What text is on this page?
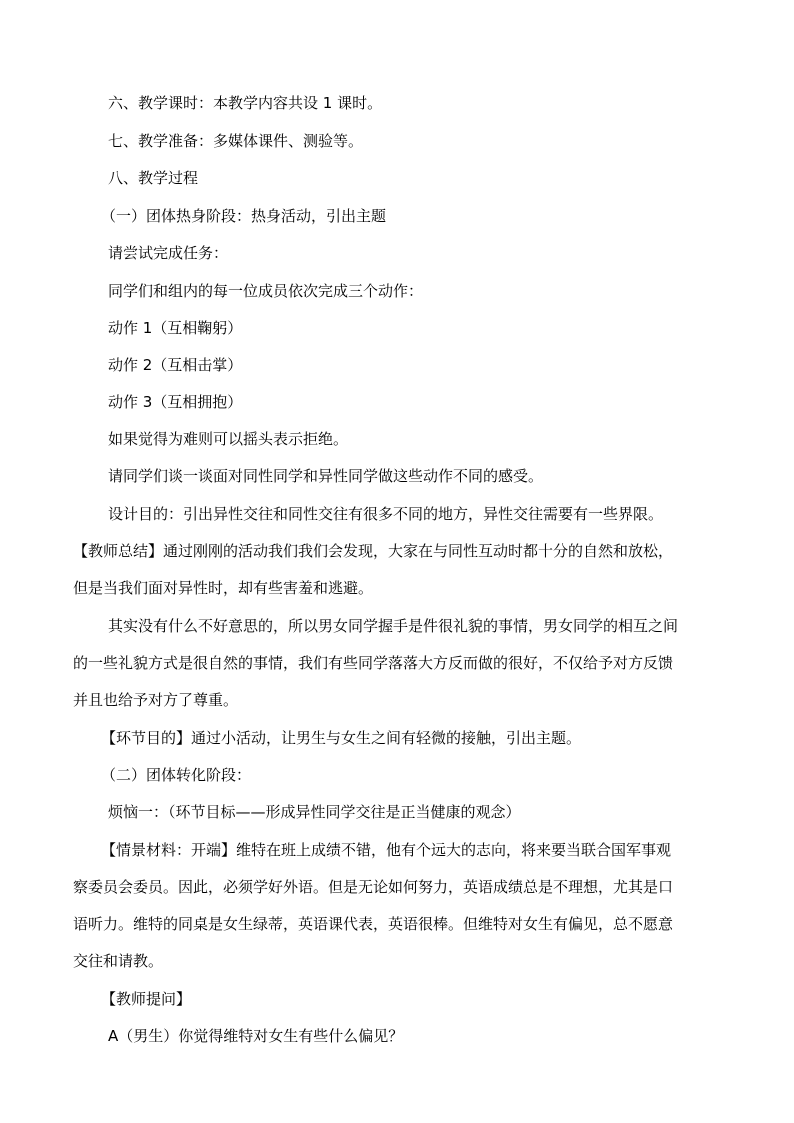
六、教学课时：本教学内容共设 1 课时。

七、教学准备：多媒体课件、测验等。

八、教学过程

（一）团体热身阶段：热身活动，引出主题

请尝试完成任务：

同学们和组内的每一位成员依次完成三个动作：

动作 1（互相鞠躬）

动作 2（互相击掌）

动作 3（互相拥抱）

如果觉得为难则可以摇头表示拒绝。

请同学们谈一谈面对同性同学和异性同学做这些动作不同的感受。

设计目的：引出异性交往和同性交往有很多不同的地方，异性交往需要有一些界限。

【教师总结】通过刚刚的活动我们我们会发现，大家在与同性互动时都十分的自然和放松，

但是当我们面对异性时，却有些害羞和逃避。

其实没有什么不好意思的，所以男女同学握手是件很礼貌的事情，男女同学的相互之间

的一些礼貌方式是很自然的事情，我们有些同学落落大方反而做的很好，不仅给予对方反馈

并且也给予对方了尊重。

【环节目的】通过小活动，让男生与女生之间有轻微的接触，引出主题。

（二）团体转化阶段：

烦恼一：（环节目标——形成异性同学交往是正当健康的观念）

【情景材料：开端】维特在班上成绩不错，他有个远大的志向，将来要当联合国军事观

察委员会委员。因此，必须学好外语。但是无论如何努力，英语成绩总是不理想，尤其是口

语听力。维特的同桌是女生绿蒂，英语课代表，英语很棒。但维特对女生有偏见，总不愿意

交往和请教。

【教师提问】

A（男生）你觉得维特对女生有些什么偏见？
